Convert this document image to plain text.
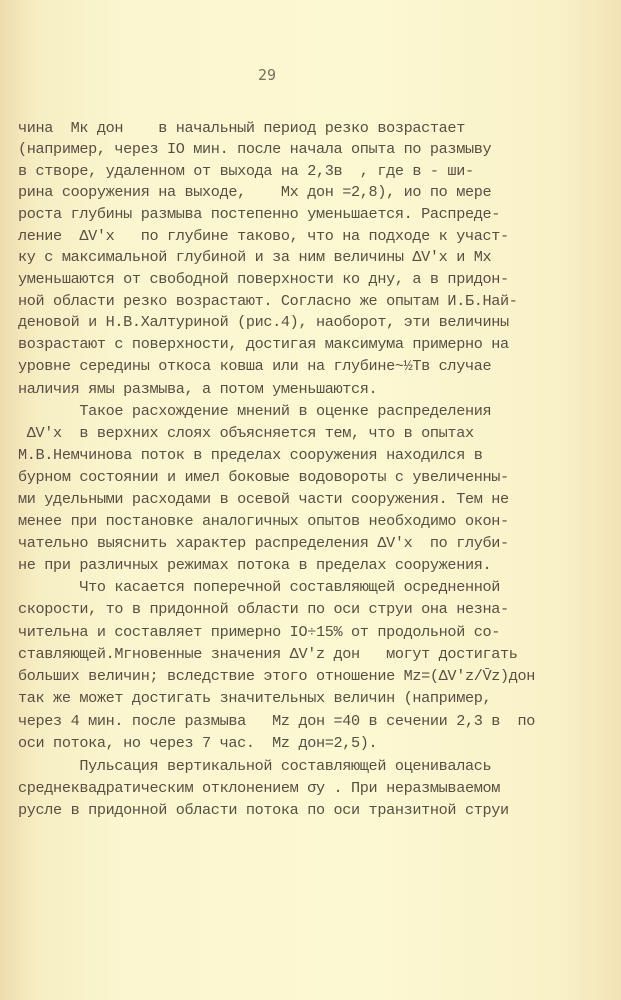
29
чина  Mк дон    в начальный период резко возрастает
(например, через IO мин. после начала опыта по размыву
в створе, удаленном от выхода на 2,3в  , где в - ши-
рина сооружения на выходе,    Mх дон =2,8), ио по мере
роста глубины размыва постепенно уменьшается. Распреде-
ление  ΔV'x   по глубине таково, что на подходе к участ-
ку с максимальной глубиной и за ним величины ΔV'x и Mх
уменьшаются от свободной поверхности ко дну, а в придон-
ной области резко возрастают. Согласно же опытам И.Б.Най-
деновой и Н.В.Халтуриной (рис.4), наоборот, эти величины
возрастают с поверхности, достигая максимума примерно на
уровне середины откоса ковша или на глубине~½Тв случае
наличия ямы размыва, а потом уменьшаются.
Такое расхождение мнений в оценке распределения
ΔV'x  в верхних слоях объясняется тем, что в опытах
М.В.Немчинова поток в пределах сооружения находился в
бурном состоянии и имел боковые водовороты с увеличенны-
ми удельными расходами в осевой части сооружения. Тем не
менее при постановке аналогичных опытов необходимо окон-
чательно выяснить характер распределения ΔV'x  по глуби-
не при различных режимах потока в пределах сооружения.
Что касается поперечной составляющей осредненной
скорости, то в придонной области по оси струи она незна-
чительна и составляет примерно IO÷15% от продольной со-
ставляющей.Мгновенные значения ΔV'z дон   могут достигать
больших величин; вследствие этого отношение Mz=(ΔV'z/V̄z)дон
так же может достигать значительных величин (например,
через 4 мин. после размыва   Mz дон =40 в сечении 2,3 в  по
оси потока, но через 7 час.  Mz дон=2,5).
Пульсация вертикальной составляющей оценивалась
среднеквадратическим отклонением σy . При неразмываемом
русле в придонной области потока по оси транзитной струи
